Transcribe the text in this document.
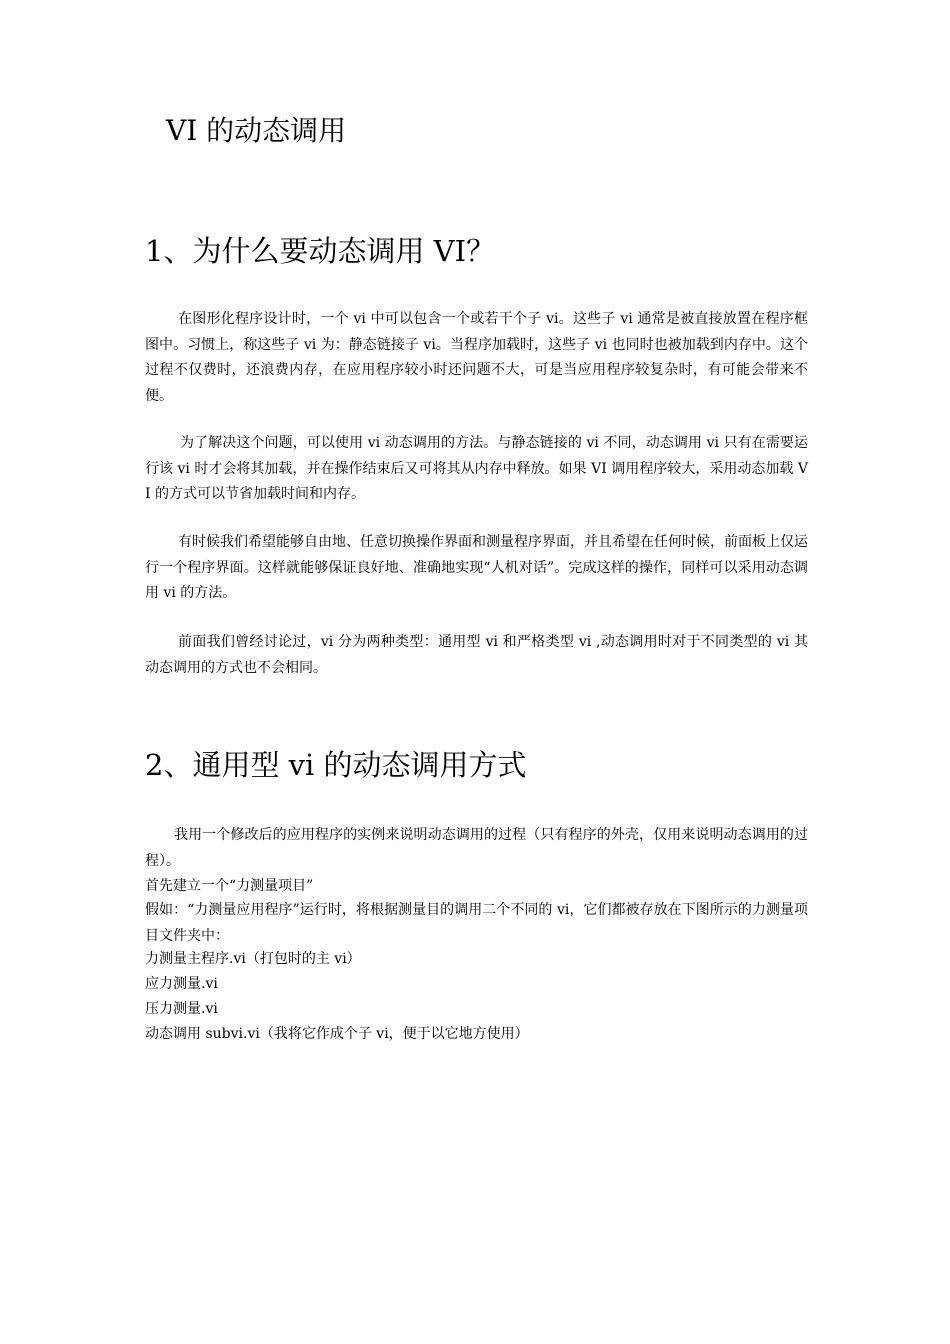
VI 的动态调用
1、为什么要动态调用 VI？

在图形化程序设计时，一个 vi 中可以包含一个或若干个子 vi。这些子 vi 通常是被直接放置在程序框图中。习惯上，称这些子 vi 为：静态链接子 vi。当程序加载时，这些子 vi 也同时也被加载到内存中。这个过程不仅费时，还浪费内存，在应用程序较小时还问题不大，可是当应用程序较复杂时，有可能会带来不便。

为了解决这个问题，可以使用 vi 动态调用的方法。与静态链接的 vi 不同，动态调用 vi 只有在需要运行该 vi 时才会将其加载，并在操作结束后又可将其从内存中释放。如果 VI 调用程序较大，采用动态加载 VI 的方式可以节省加载时间和内存。

有时候我们希望能够自由地、任意切换操作界面和测量程序界面，并且希望在任何时候，前面板上仅运行一个程序界面。这样就能够保证良好地、准确地实现“人机对话”。完成这样的操作，同样可以采用动态调用 vi 的方法。

前面我们曾经讨论过，vi 分为两种类型：通用型 vi 和严格类型 vi ,动态调用时对于不同类型的 vi 其动态调用的方式也不会相同。

2、通用型 vi 的动态调用方式

我用一个修改后的应用程序的实例来说明动态调用的过程（只有程序的外壳，仅用来说明动态调用的过程）。

首先建立一个“力测量项目”

假如：“力测量应用程序”运行时，将根据测量目的调用二个不同的 vi，它们都被存放在下图所示的力测量项目文件夹中：

力测量主程序.vi（打包时的主 vi）

应力测量.vi

压力测量.vi

动态调用 subvi.vi（我将它作成个子 vi，便于以它地方使用）
